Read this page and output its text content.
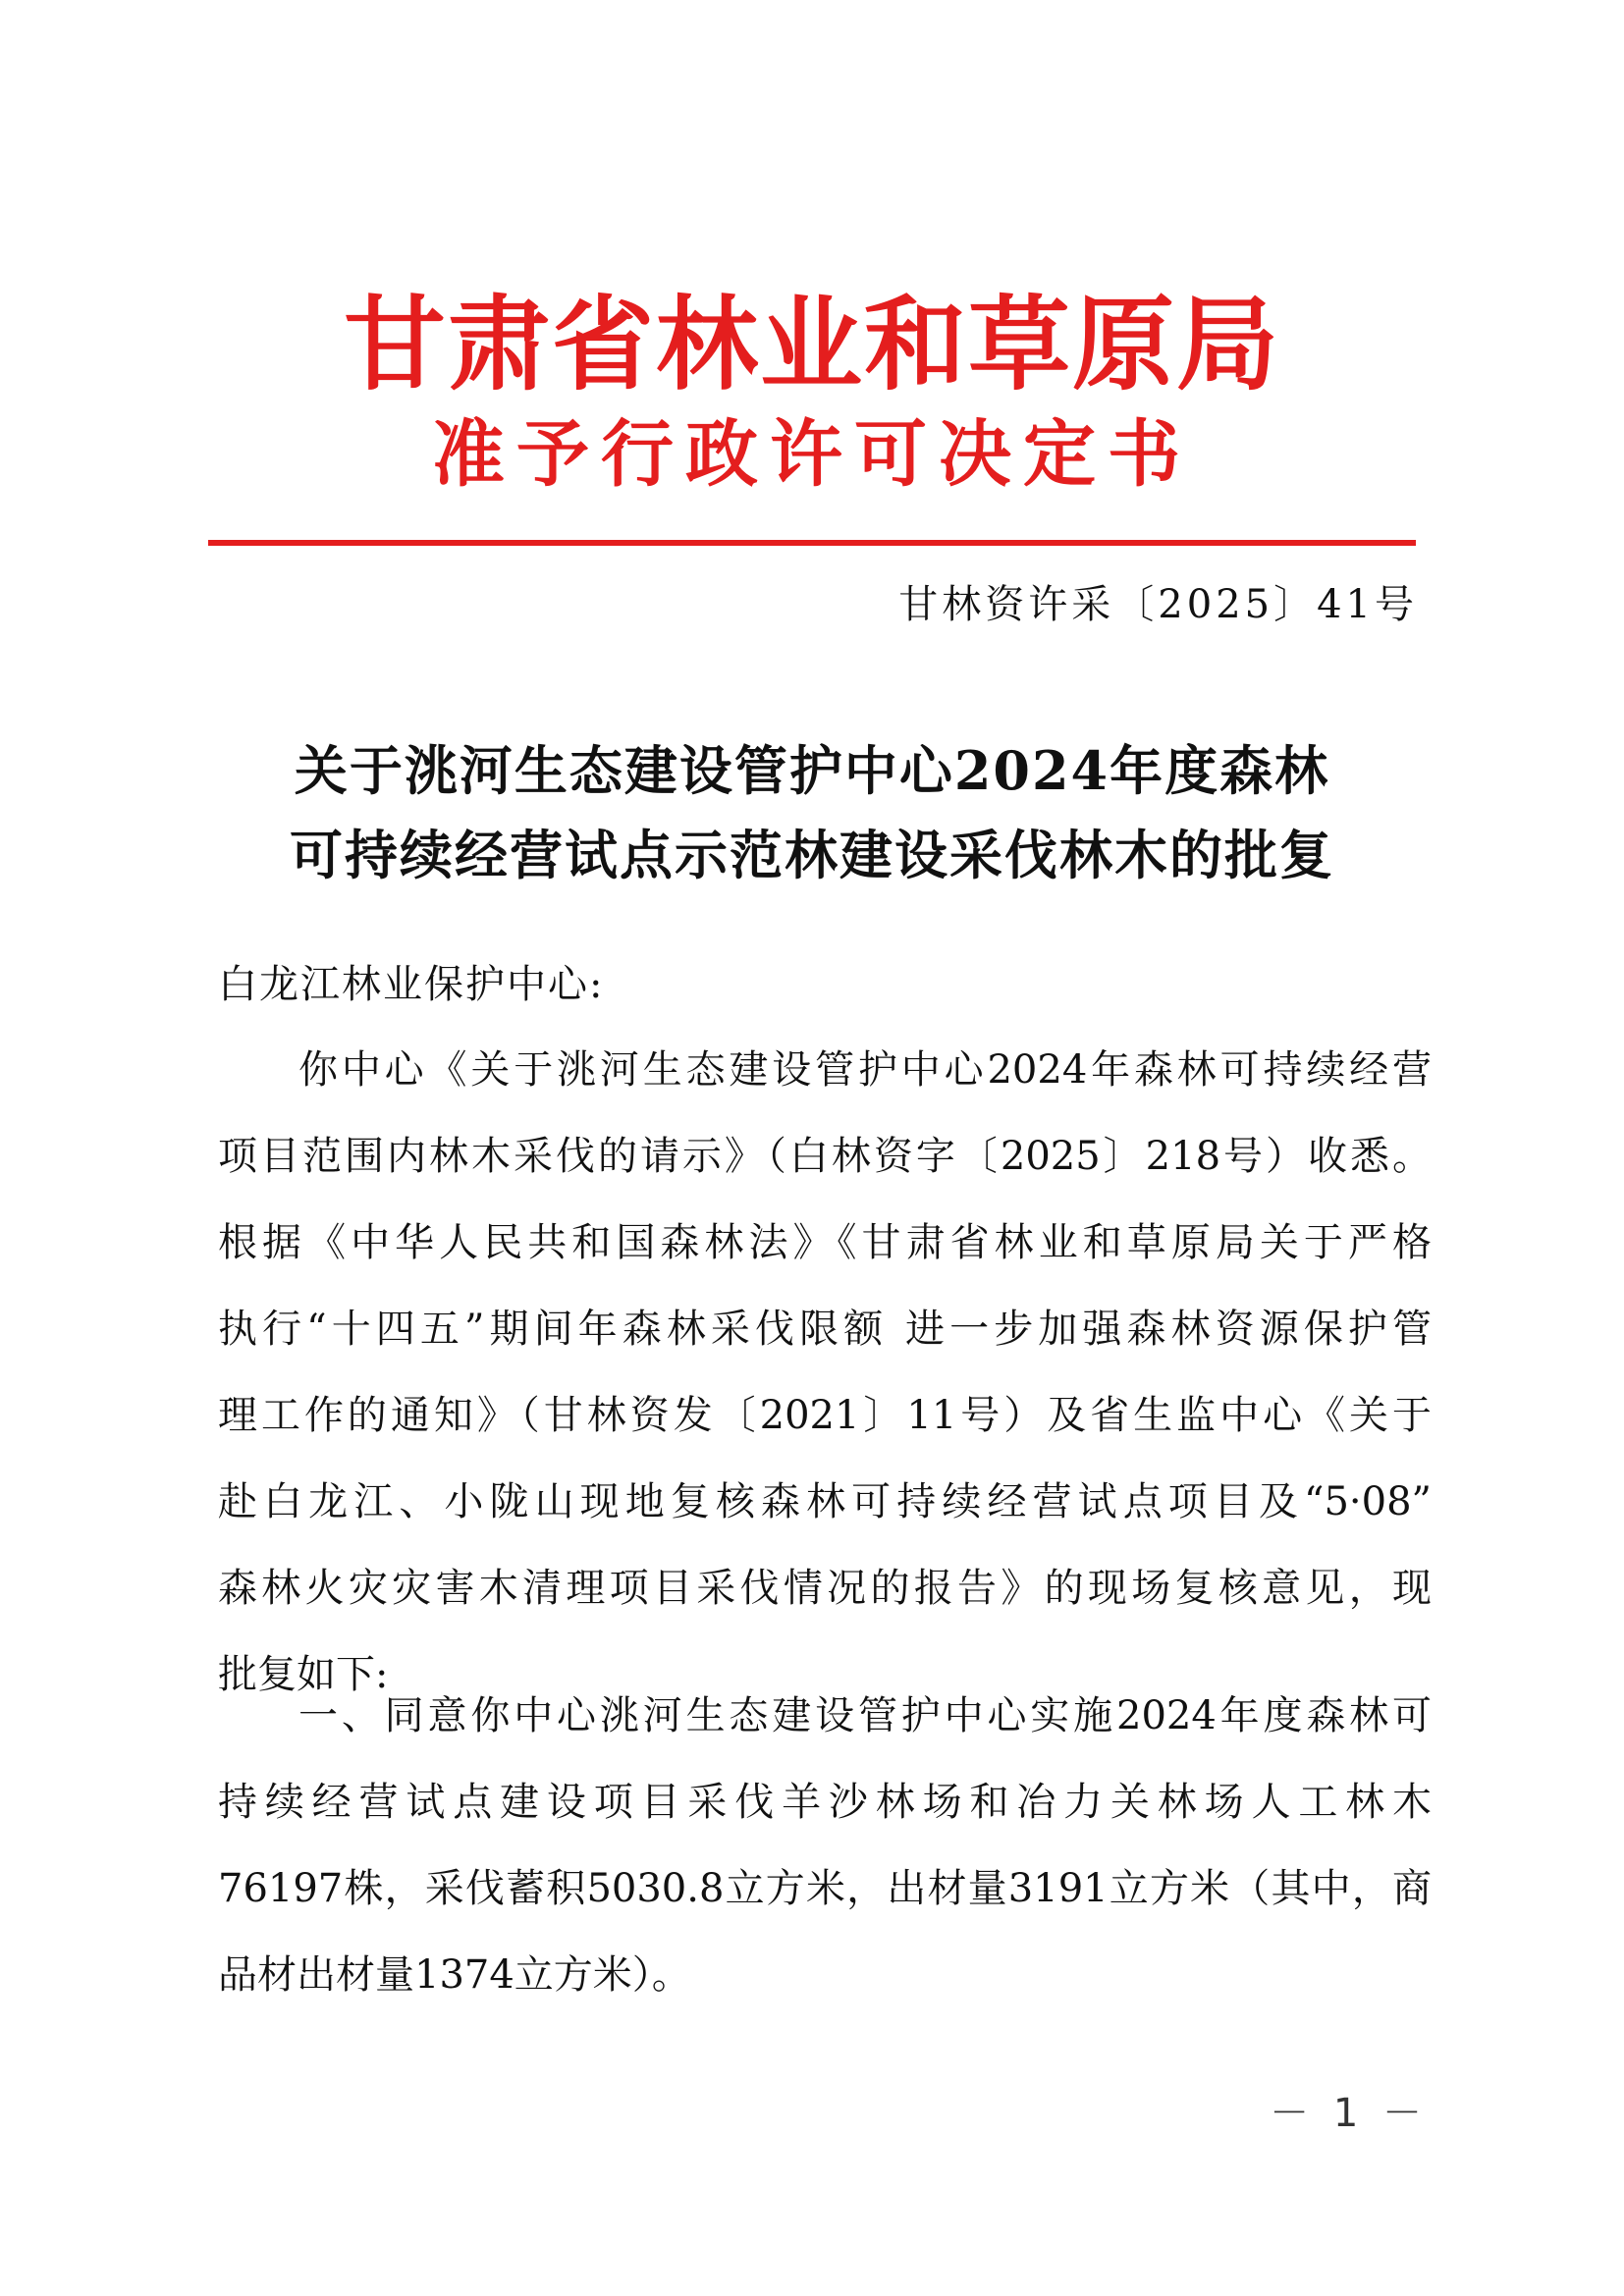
甘肃省林业和草原局
准予行政许可决定书
甘林资许采〔2025〕41号
关于洮河生态建设管护中心2024年度森林
可持续经营试点示范林建设采伐林木的批复
白龙江林业保护中心:
你中心《关于洮河生态建设管护中心2024年森林可持续经营
项目范围内林木采伐的请示》（白林资字〔2025〕218号）收悉。
根据《中华人民共和国森林法》《甘肃省林业和草原局关于严格
执行“十四五”期间年森林采伐限额 进一步加强森林资源保护管
理工作的通知》（甘林资发〔2021〕11号）及省生监中心《关于
赴白龙江、小陇山现地复核森林可持续经营试点项目及“5·08”
森林火灾灾害木清理项目采伐情况的报告》的现场复核意见，现
批复如下:
一、同意你中心洮河生态建设管护中心实施2024年度森林可
持续经营试点建设项目采伐羊沙林场和冶力关林场人工林木
76197株，采伐蓄积5030.8立方米，出材量3191立方米（其中，商
品材出材量1374立方米）。
－ 1 －
